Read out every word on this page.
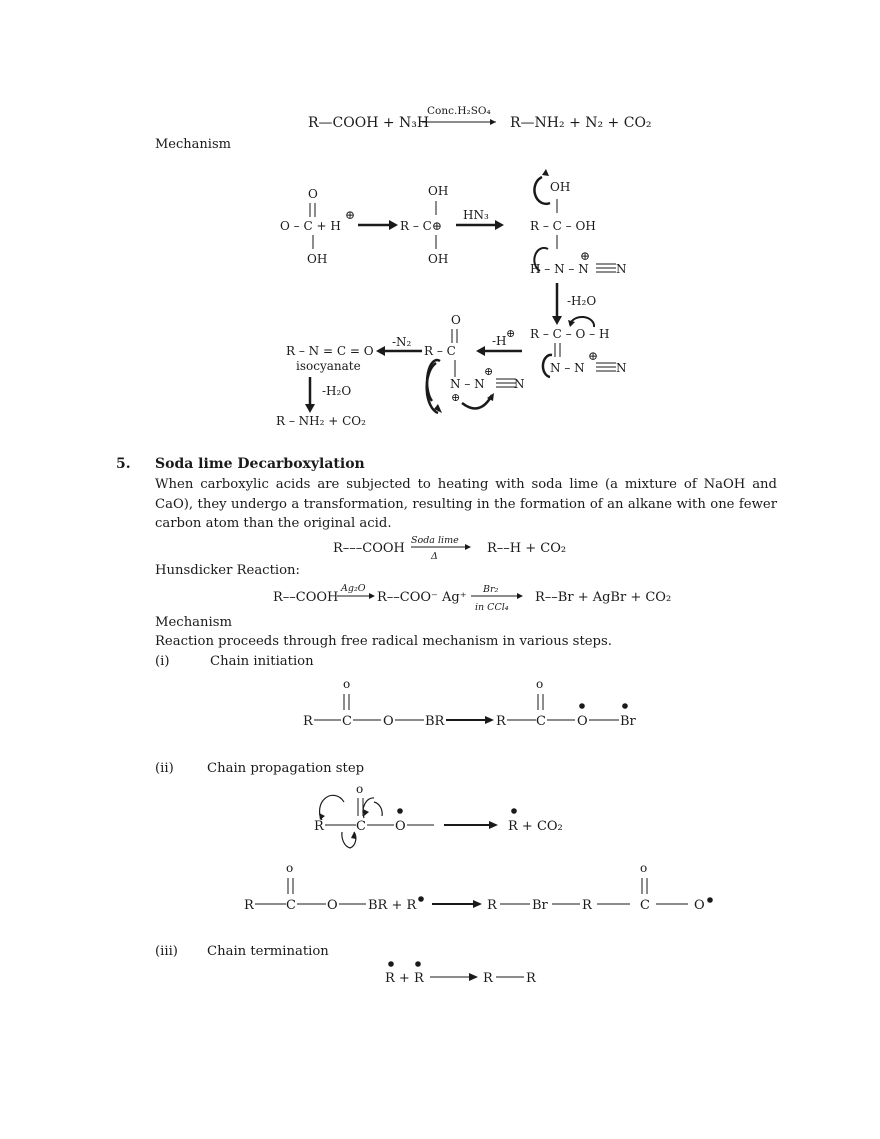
R—COOH + N₃H
Conc.H₂SO₄
R—NH₂ + N₂ + CO₂
Mechanism
O
O – C + H
OH
⊕
OH
R – C⊕
OH
HN₃
OH
R – C – OH
⊕
H – N – N N
-H₂O
R – C – O – H
⊕
N – N	N
-H
⊕
O
R – C
⊕
N – N N
⊕
-N₂
R – N = C = O
isocyanate
-H₂O
R – NH₂ + CO₂
5. Soda lime Decarboxylation
When carboxylic acids are subjected to heating with soda lime (a mixture of NaOH and CaO), they undergo a transformation, resulting in the formation of an alkane with one fewer carbon atom than the original acid.
R–––COOH
Soda lime
Δ
R––H + CO₂
Hunsdicker Reaction:
R––COOH
Ag₂O
R––COO⁻ Ag⁺
Br₂
in CCl₄
R––Br + AgBr + CO₂
Mechanism
Reaction proceeds through free radical mechanism in various steps.
(i)	Chain initiation
o
R C O BR	R
o
C O Br
(ii)	Chain propagation step
o
R C O	R + CO₂
o
R C O BR + R	R	Br	R
o
C	O
(iii) Chain termination
R + R	R	R
